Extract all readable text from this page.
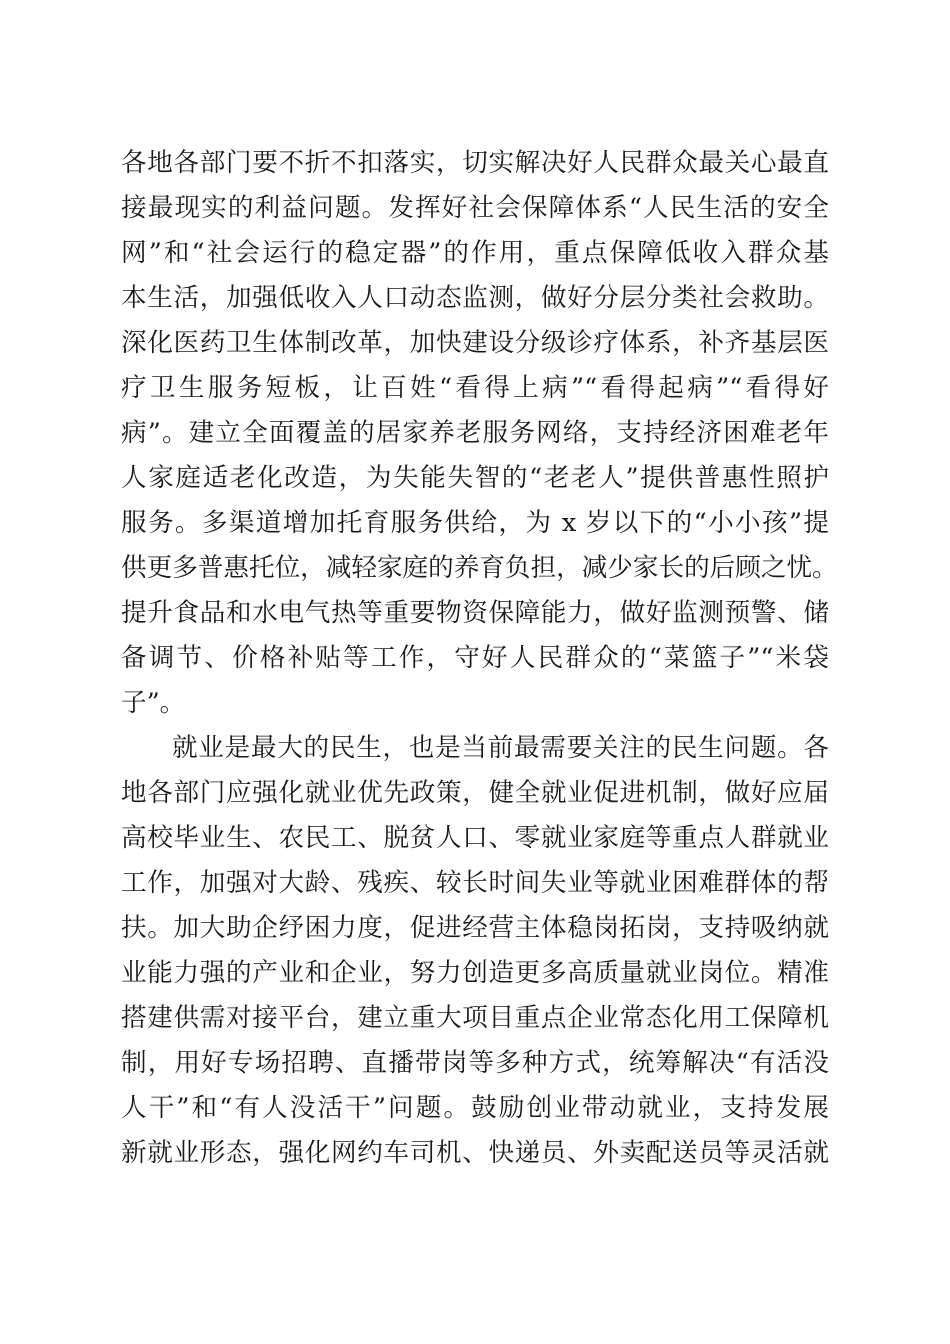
各地各部门要不折不扣落实，切实解决好人民群众最关心最直
接最现实的利益问题。发挥好社会保障体系“人民生活的安全
网”和“社会运行的稳定器”的作用，重点保障低收入群众基
本生活，加强低收入人口动态监测，做好分层分类社会救助。
深化医药卫生体制改革，加快建设分级诊疗体系，补齐基层医
疗卫生服务短板，让百姓“看得上病”“看得起病”“看得好
病”。建立全面覆盖的居家养老服务网络，支持经济困难老年
人家庭适老化改造，为失能失智的“老老人”提供普惠性照护
服务。多渠道增加托育服务供给，为 x 岁以下的“小小孩”提
供更多普惠托位，减轻家庭的养育负担，减少家长的后顾之忧。
提升食品和水电气热等重要物资保障能力，做好监测预警、储
备调节、价格补贴等工作，守好人民群众的“菜篮子”“米袋
子”。
就业是最大的民生，也是当前最需要关注的民生问题。各
地各部门应强化就业优先政策，健全就业促进机制，做好应届
高校毕业生、农民工、脱贫人口、零就业家庭等重点人群就业
工作，加强对大龄、残疾、较长时间失业等就业困难群体的帮
扶。加大助企纾困力度，促进经营主体稳岗拓岗，支持吸纳就
业能力强的产业和企业，努力创造更多高质量就业岗位。精准
搭建供需对接平台，建立重大项目重点企业常态化用工保障机
制，用好专场招聘、直播带岗等多种方式，统筹解决“有活没
人干”和“有人没活干”问题。鼓励创业带动就业，支持发展
新就业形态，强化网约车司机、快递员、外卖配送员等灵活就
